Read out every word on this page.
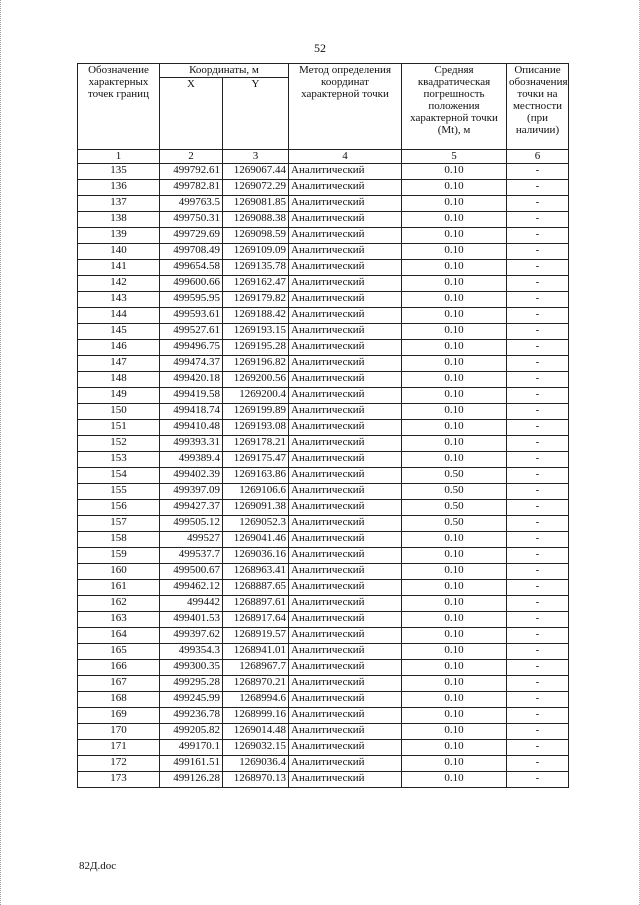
52
Обозначение характерных точек границ	Координаты, м		Метод определения координат характерной точки	Средняя квадратическая погрешность положения характерной точки (Mt), м	Описание обозначения точки на местности (при наличии)
	X	Y			
1	2	3	4	5	6
135	499792.61	1269067.44	Аналитический	0.10	-
136	499782.81	1269072.29	Аналитический	0.10	-
137	499763.5	1269081.85	Аналитический	0.10	-
138	499750.31	1269088.38	Аналитический	0.10	-
139	499729.69	1269098.59	Аналитический	0.10	-
140	499708.49	1269109.09	Аналитический	0.10	-
141	499654.58	1269135.78	Аналитический	0.10	-
142	499600.66	1269162.47	Аналитический	0.10	-
143	499595.95	1269179.82	Аналитический	0.10	-
144	499593.61	1269188.42	Аналитический	0.10	-
145	499527.61	1269193.15	Аналитический	0.10	-
146	499496.75	1269195.28	Аналитический	0.10	-
147	499474.37	1269196.82	Аналитический	0.10	-
148	499420.18	1269200.56	Аналитический	0.10	-
149	499419.58	1269200.4	Аналитический	0.10	-
150	499418.74	1269199.89	Аналитический	0.10	-
151	499410.48	1269193.08	Аналитический	0.10	-
152	499393.31	1269178.21	Аналитический	0.10	-
153	499389.4	1269175.47	Аналитический	0.10	-
154	499402.39	1269163.86	Аналитический	0.50	-
155	499397.09	1269106.6	Аналитический	0.50	-
156	499427.37	1269091.38	Аналитический	0.50	-
157	499505.12	1269052.3	Аналитический	0.50	-
158	499527	1269041.46	Аналитический	0.10	-
159	499537.7	1269036.16	Аналитический	0.10	-
160	499500.67	1268963.41	Аналитический	0.10	-
161	499462.12	1268887.65	Аналитический	0.10	-
162	499442	1268897.61	Аналитический	0.10	-
163	499401.53	1268917.64	Аналитический	0.10	-
164	499397.62	1268919.57	Аналитический	0.10	-
165	499354.3	1268941.01	Аналитический	0.10	-
166	499300.35	1268967.7	Аналитический	0.10	-
167	499295.28	1268970.21	Аналитический	0.10	-
168	499245.99	1268994.6	Аналитический	0.10	-
169	499236.78	1268999.16	Аналитический	0.10	-
170	499205.82	1269014.48	Аналитический	0.10	-
171	499170.1	1269032.15	Аналитический	0.10	-
172	499161.51	1269036.4	Аналитический	0.10	-
173	499126.28	1268970.13	Аналитический	0.10	-
82Д.doc
